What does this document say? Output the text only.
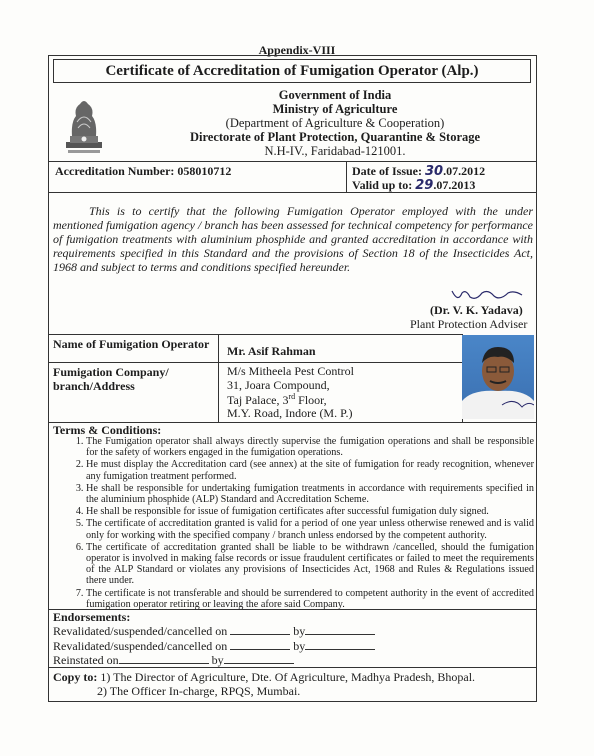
Appendix-VIII
Certificate of Accreditation of Fumigation Operator (Alp.)
Government of India
Ministry of Agriculture
(Department of Agriculture & Cooperation)
Directorate of Plant Protection, Quarantine & Storage
N.H-IV., Faridabad-121001.
Accreditation Number: 058010712	Date of Issue: 30.07.2012
Valid up to: 29.07.2013
This is to certify that the following Fumigation Operator employed with the under mentioned fumigation agency / branch has been assessed for technical competency for performance of fumigation treatments with aluminium phosphide and granted accreditation in accordance with requirements specified in this Standard and the provisions of Section 18 of the Insecticides Act, 1968 and subject to terms and conditions specified hereunder.
(Dr. V. K. Yadava)
Plant Protection Adviser
Name of Fumigation Operator Mr. Asif Rahman
Fumigation Company/
branch/Address
M/s Mitheela Pest Control
31, Joara Compound,
Taj Palace, 3rd Floor,
M.Y. Road, Indore (M. P.)
Terms & Conditions:
1. The Fumigation operator shall always directly supervise the fumigation operations and shall be responsible for the safety of workers engaged in the fumigation operations.
2. He must display the Accreditation card (see annex) at the site of fumigation for ready recognition, whenever any fumigation treatment performed.
3. He shall be responsible for undertaking fumigation treatments in accordance with requirements specified in the aluminium phosphide (ALP) Standard and Accreditation Scheme.
4. He shall be responsible for issue of fumigation certificates after successful fumigation duly signed.
5. The certificate of accreditation granted is valid for a period of one year unless otherwise renewed and is valid only for working with the specified company / branch unless endorsed by the competent authority.
6. The certificate of accreditation granted shall be liable to be withdrawn /cancelled, should the fumigation operator is involved in making false records or issue fraudulent certificates or failed to meet the requirements of the ALP Standard or violates any provisions of Insecticides Act, 1968 and Rules & Regulations issued there under.
7. The certificate is not transferable and should be surrendered to competent authority in the event of accredited fumigation operator retiring or leaving the afore said Company.
Endorsements:
Revalidated/suspended/cancelled on	by
Revalidated/suspended/cancelled on	by
Reinstated on	by
Copy to: 1) The Director of Agriculture, Dte. Of Agriculture, Madhya Pradesh, Bhopal.
2) The Officer In-charge, RPQS, Mumbai.
